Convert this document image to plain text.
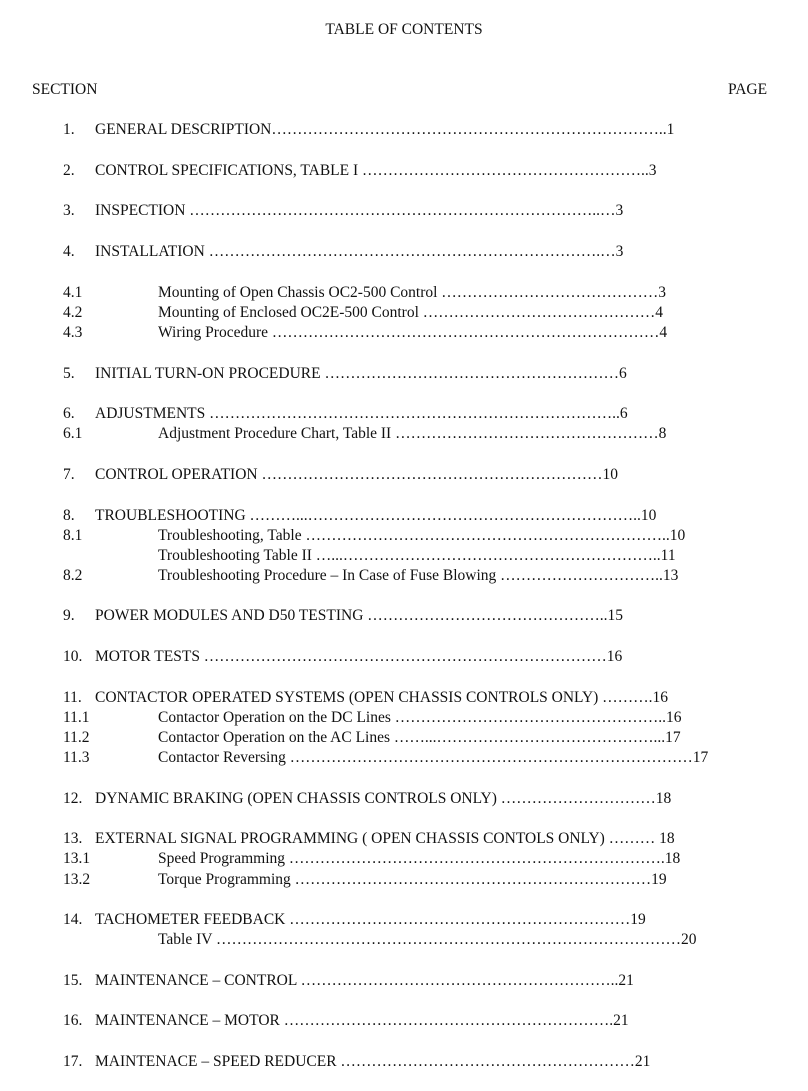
TABLE OF CONTENTS
SECTION	PAGE
1. GENERAL DESCRIPTION…………………………………………………………………..1
2. CONTROL SPECIFICATIONS, TABLE I ………………………………………………..3
3. INSPECTION ……………………………………………………………………..…3
4. INSTALLATION ………………………………………………………………….…3
4.1	Mounting of Open Chassis OC2-500 Control ……………………………………3
4.2	Mounting of Enclosed OC2E-500 Control ………………………………………4
4.3	Wiring Procedure …………………………………………………………………4
5. INITIAL TURN-ON PROCEDURE …………………………………………………6
6. ADJUSTMENTS ……………………………………………………………………..6
6.1	Adjustment Procedure Chart, Table II ……………………………………………8
7. CONTROL OPERATION …………………………………………………………10
8. TROUBLESHOOTING ………...………………………………………………………..10
8.1	Troubleshooting, Table ……………………………………………………………..10
Troubleshooting Table II …...……………………………………………………..11
8.2	Troubleshooting Procedure – In Case of Fuse Blowing …………………………..13
9. POWER MODULES AND D50 TESTING ………………………………………..15
10. MOTOR TESTS ……………………………………………………………………16
11. CONTACTOR OPERATED SYSTEMS (OPEN CHASSIS CONTROLS ONLY) ……….16
11.1	Contactor Operation on the DC Lines ……………………………………………..16
11.2	Contactor Operation on the AC Lines ……...……………………………………...17
11.3	Contactor Reversing ……………………………………………………………………17
12. DYNAMIC BRAKING (OPEN CHASSIS CONTROLS ONLY) …………………………18
13. EXTERNAL SIGNAL PROGRAMMING ( OPEN CHASSIS CONTOLS ONLY) ……… 18
13.1	Speed Programming ……………………………………………………………….18
13.2	Torque Programming ……………………………………………………………19
14. TACHOMETER FEEDBACK …………………………………………………………19
Table IV ………………………………………………………………………………20
15. MAINTENANCE – CONTROL ……………………………………………………..21
16. MAINTENANCE – MOTOR ……………………………………………………….21
17. MAINTENACE – SPEED REDUCER …………………………………………………21
